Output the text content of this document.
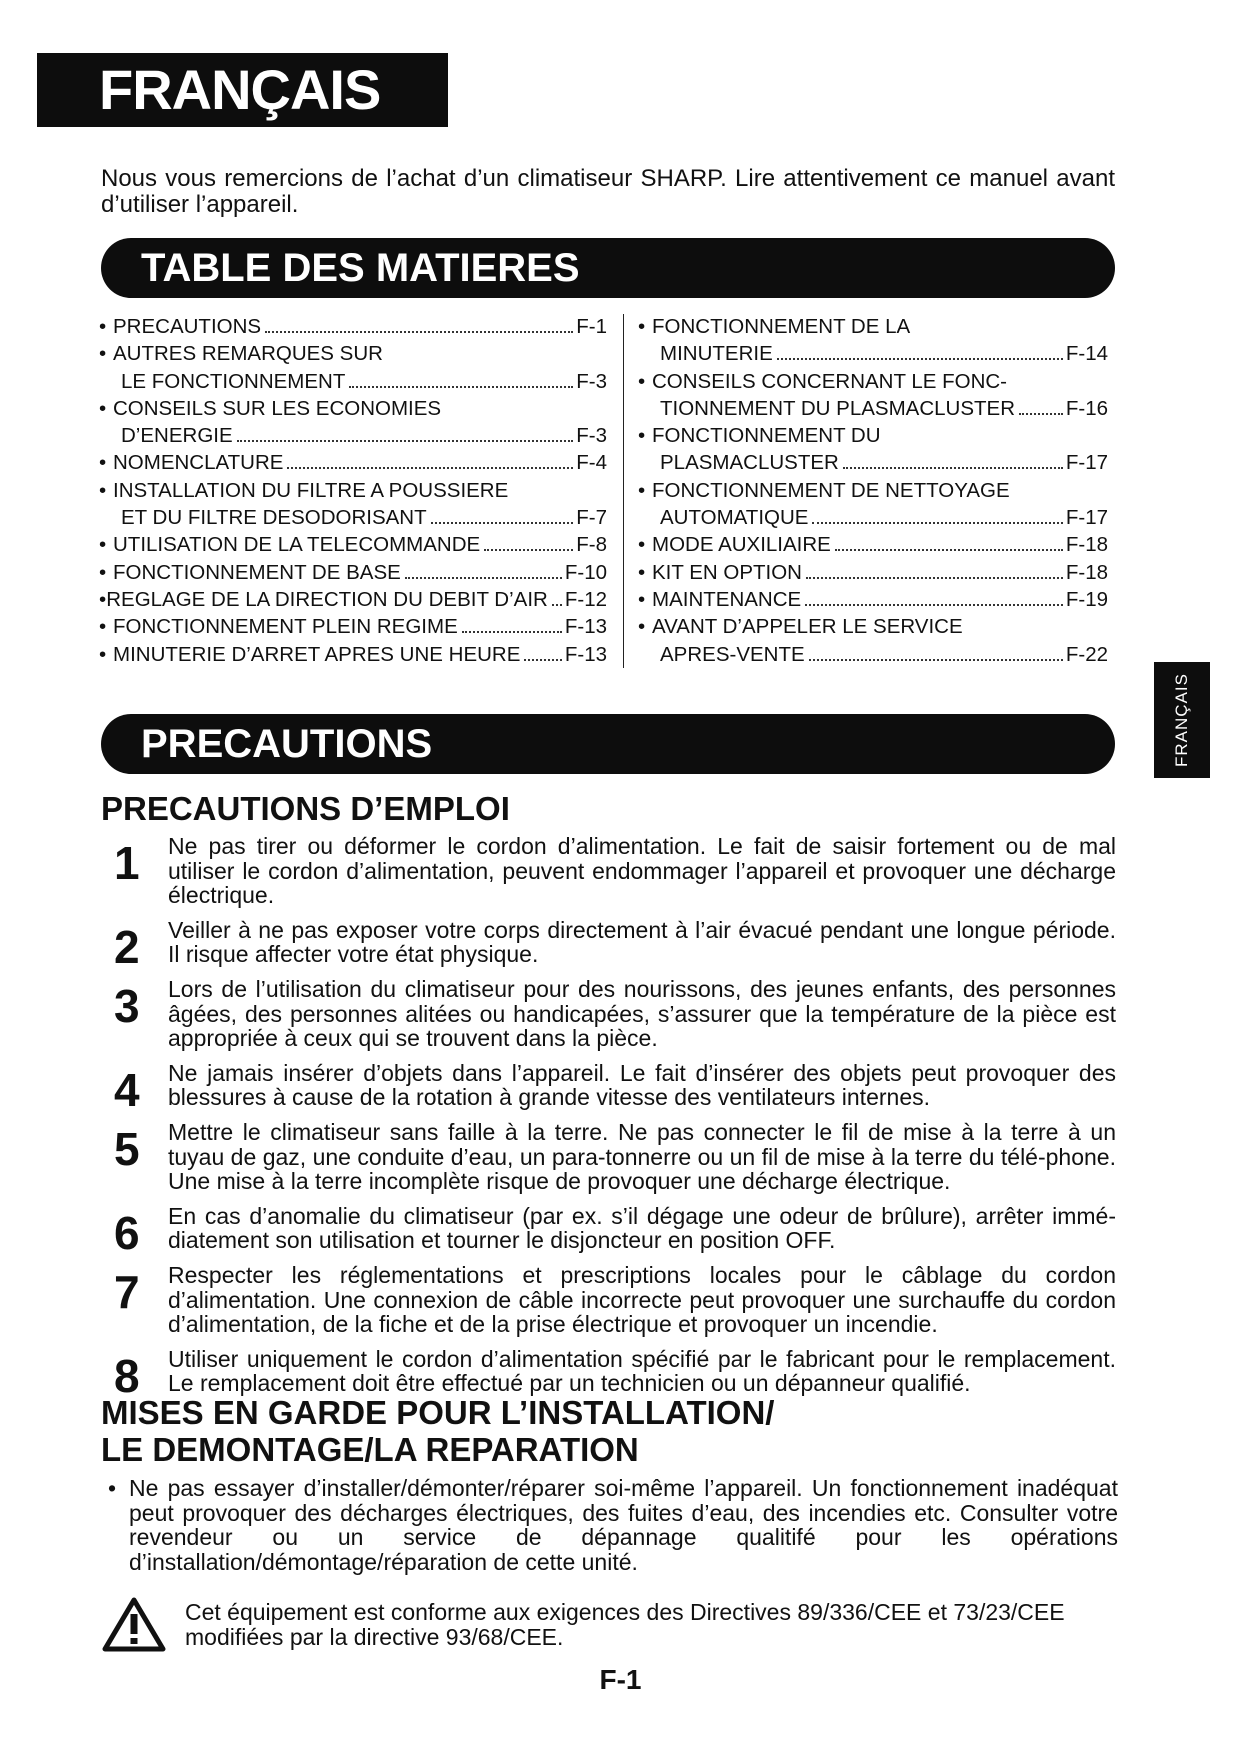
FRANÇAIS
Nous vous remercions de l’achat d’un climatiseur SHARP. Lire attentivement ce manuel avant d’utiliser l’appareil.
TABLE DES MATIERES
• PRECAUTIONS	F-1
• AUTRES REMARQUES SUR
LE FONCTIONNEMENT	F-3
• CONSEILS SUR LES ECONOMIES
D’ENERGIE	F-3
• NOMENCLATURE	F-4
• INSTALLATION DU FILTRE A POUSSIERE
ET DU FILTRE DESODORISANT	F-7
• UTILISATION DE LA TELECOMMANDE	F-8
• FONCTIONNEMENT DE BASE	F-10
• REGLAGE DE LA DIRECTION DU DEBIT D’AIR F-12
• FONCTIONNEMENT PLEIN REGIME	F-13
• MINUTERIE D’ARRET APRES UNE HEURE F-13
• FONCTIONNEMENT DE LA
MINUTERIE	F-14
• CONSEILS CONCERNANT LE FONC-
TIONNEMENT DU PLASMACLUSTER F-16
• FONCTIONNEMENT DU
PLASMACLUSTER	F-17
• FONCTIONNEMENT DE NETTOYAGE
AUTOMATIQUE	F-17
• MODE AUXILIAIRE	F-18
• KIT EN OPTION	F-18
• MAINTENANCE	F-19
• AVANT D’APPELER LE SERVICE
APRES-VENTE	F-22
FRANÇAIS
PRECAUTIONS
PRECAUTIONS D’EMPLOI
1 Ne pas tirer ou déformer le cordon d’alimentation. Le fait de saisir fortement ou de mal utiliser le cordon d’alimentation, peuvent endommager l’appareil et provoquer une décharge électrique.
2 Veiller à ne pas exposer votre corps directement à l’air évacué pendant une longue période. Il risque affecter votre état physique.
3 Lors de l’utilisation du climatiseur pour des nourissons, des jeunes enfants, des personnes âgées, des personnes alitées ou handicapées, s’assurer que la température de la pièce est appropriée à ceux qui se trouvent dans la pièce.
4 Ne jamais insérer d’objets dans l’appareil. Le fait d’insérer des objets peut provoquer des blessures à cause de la rotation à grande vitesse des ventilateurs internes.
5 Mettre le climatiseur sans faille à la terre. Ne pas connecter le fil de mise à la terre à un tuyau de gaz, une conduite d’eau, un para-tonnerre ou un fil de mise à la terre du télé-phone. Une mise à la terre incomplète risque de provoquer une décharge électrique.
6 En cas d’anomalie du climatiseur (par ex. s’il dégage une odeur de brûlure), arrêter immé-diatement son utilisation et tourner le disjoncteur en position OFF.
7 Respecter les réglementations et prescriptions locales pour le câblage du cordon d’alimentation. Une connexion de câble incorrecte peut provoquer une surchauffe du cordon d’alimentation, de la fiche et de la prise électrique et provoquer un incendie.
8 Utiliser uniquement le cordon d’alimentation spécifié par le fabricant pour le remplacement. Le remplacement doit être effectué par un technicien ou un dépanneur qualifié.
MISES EN GARDE POUR L’INSTALLATION/
LE DEMONTAGE/LA REPARATION
• Ne pas essayer d’installer/démonter/réparer soi-même l’appareil. Un fonctionnement inadéquat peut provoquer des décharges électriques, des fuites d’eau, des incendies etc. Consulter votre revendeur ou un service de dépannage qualitifé pour les opérations d’installation/démontage/réparation de cette unité.
Cet équipement est conforme aux exigences des Directives 89/336/CEE et 73/23/CEE modifiées par la directive 93/68/CEE.
F-1
